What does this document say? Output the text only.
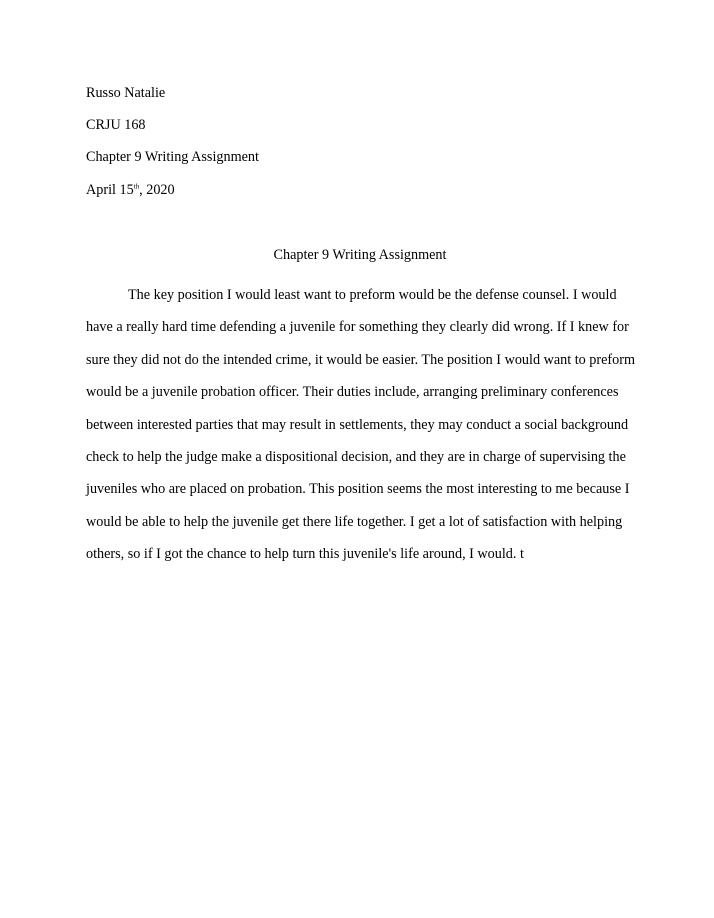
Russo Natalie
CRJU 168
Chapter 9 Writing Assignment
April 15th, 2020
Chapter 9 Writing Assignment
The key position I would least want to preform would be the defense counsel. I would
have a really hard time defending a juvenile for something they clearly did wrong. If I knew for
sure they did not do the intended crime, it would be easier. The position I would want to preform
would be a juvenile probation officer. Their duties include, arranging preliminary conferences
between interested parties that may result in settlements, they may conduct a social background
check to help the judge make a dispositional decision, and they are in charge of supervising the
juveniles who are placed on probation. This position seems the most interesting to me because I
would be able to help the juvenile get there life together. I get a lot of satisfaction with helping
others, so if I got the chance to help turn this juvenile's life around, I would. t
